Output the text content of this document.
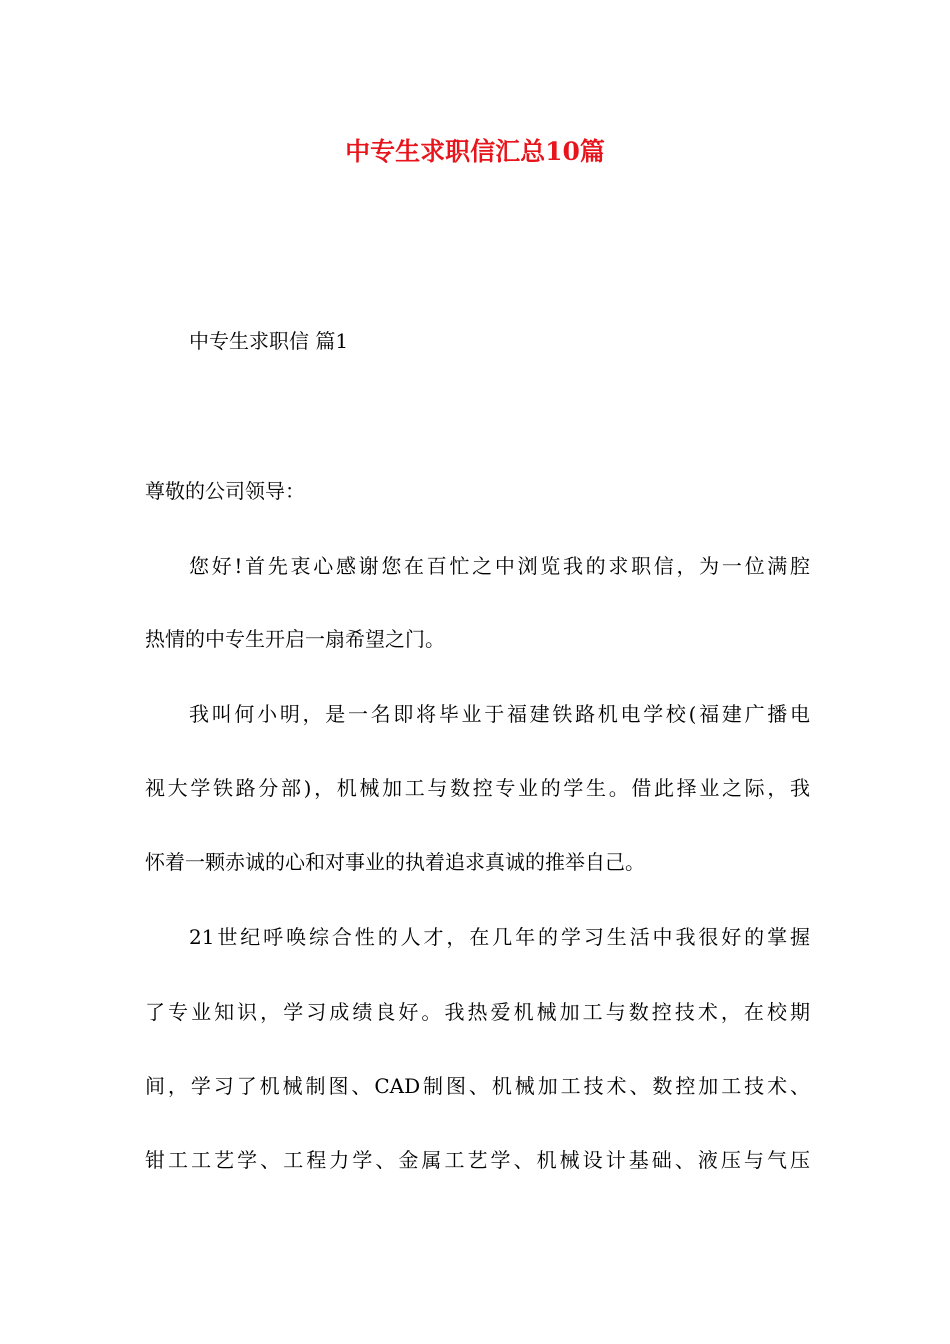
中专生求职信汇总10篇
中专生求职信 篇1
尊敬的公司领导：
您好!首先衷心感谢您在百忙之中浏览我的求职信，为一位满腔
热情的中专生开启一扇希望之门。
我叫何小明，是一名即将毕业于福建铁路机电学校(福建广播电
视大学铁路分部)，机械加工与数控专业的学生。借此择业之际，我
怀着一颗赤诚的心和对事业的执着追求真诚的推举自己。
21世纪呼唤综合性的人才，在几年的学习生活中我很好的掌握
了专业知识，学习成绩良好。我热爱机械加工与数控技术，在校期
间，学习了机械制图、CAD制图、机械加工技术、数控加工技术、
钳工工艺学、工程力学、金属工艺学、机械设计基础、液压与气压
